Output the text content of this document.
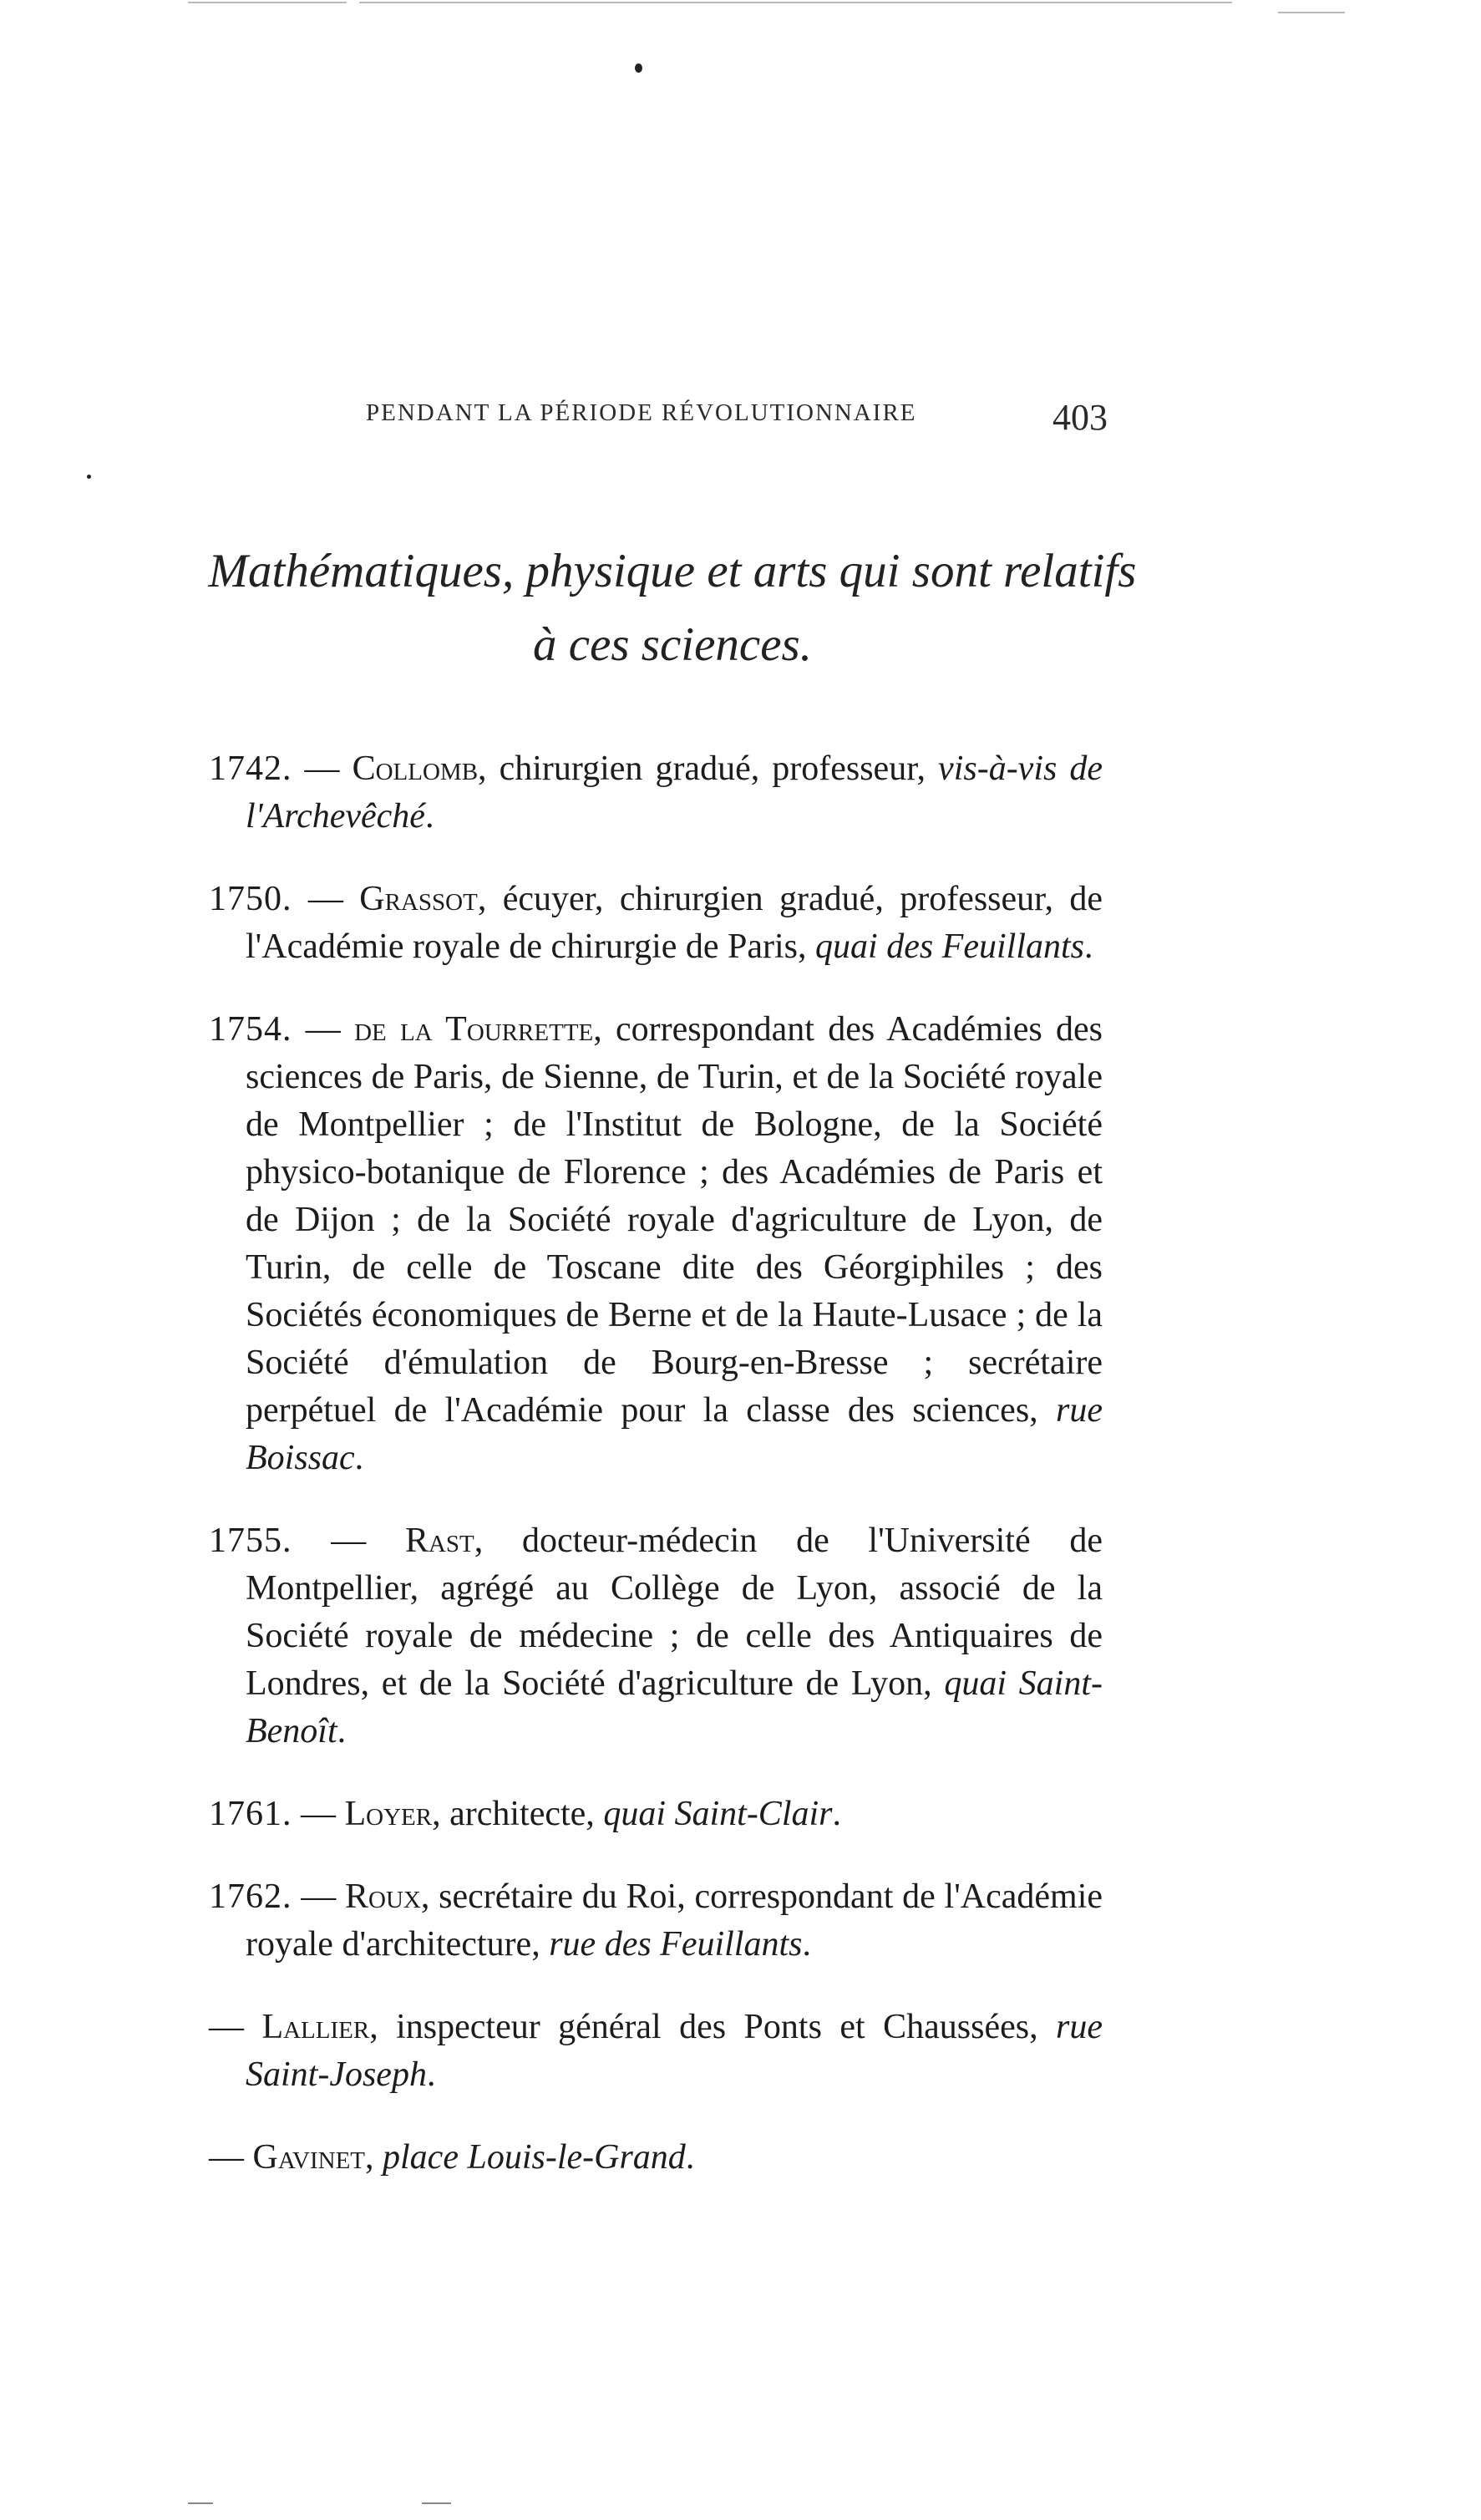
PENDANT LA PÉRIODE RÉVOLUTIONNAIRE	403
Mathématiques, physique et arts qui sont relatifs
à ces sciences.

1742. — Collomb, chirurgien gradué, professeur, vis-à-vis de l'Archevêché.

1750. — Grassot, écuyer, chirurgien gradué, professeur, de l'Académie royale de chirurgie de Paris, quai des Feuillants.

1754. — de la Tourrette, correspondant des Académies des sciences de Paris, de Sienne, de Turin, et de la Société royale de Montpellier ; de l'Institut de Bologne, de la Société physico-botanique de Florence ; des Académies de Paris et de Dijon ; de la Société royale d'agriculture de Lyon, de Turin, de celle de Toscane dite des Géorgiphiles ; des Sociétés économiques de Berne et de la Haute-Lusace ; de la Société d'émulation de Bourg-en-Bresse ; secrétaire perpétuel de l'Académie pour la classe des sciences, rue Boissac.

1755. — Rast, docteur-médecin de l'Université de Montpellier, agrégé au Collège de Lyon, associé de la Société royale de médecine ; de celle des Antiquaires de Londres, et de la Société d'agriculture de Lyon, quai Saint-Benoît.

1761. — Loyer, architecte, quai Saint-Clair.

1762. — Roux, secrétaire du Roi, correspondant de l'Académie royale d'architecture, rue des Feuillants.

— Lallier, inspecteur général des Ponts et Chaussées, rue Saint-Joseph.

— Gavinet, place Louis-le-Grand.
